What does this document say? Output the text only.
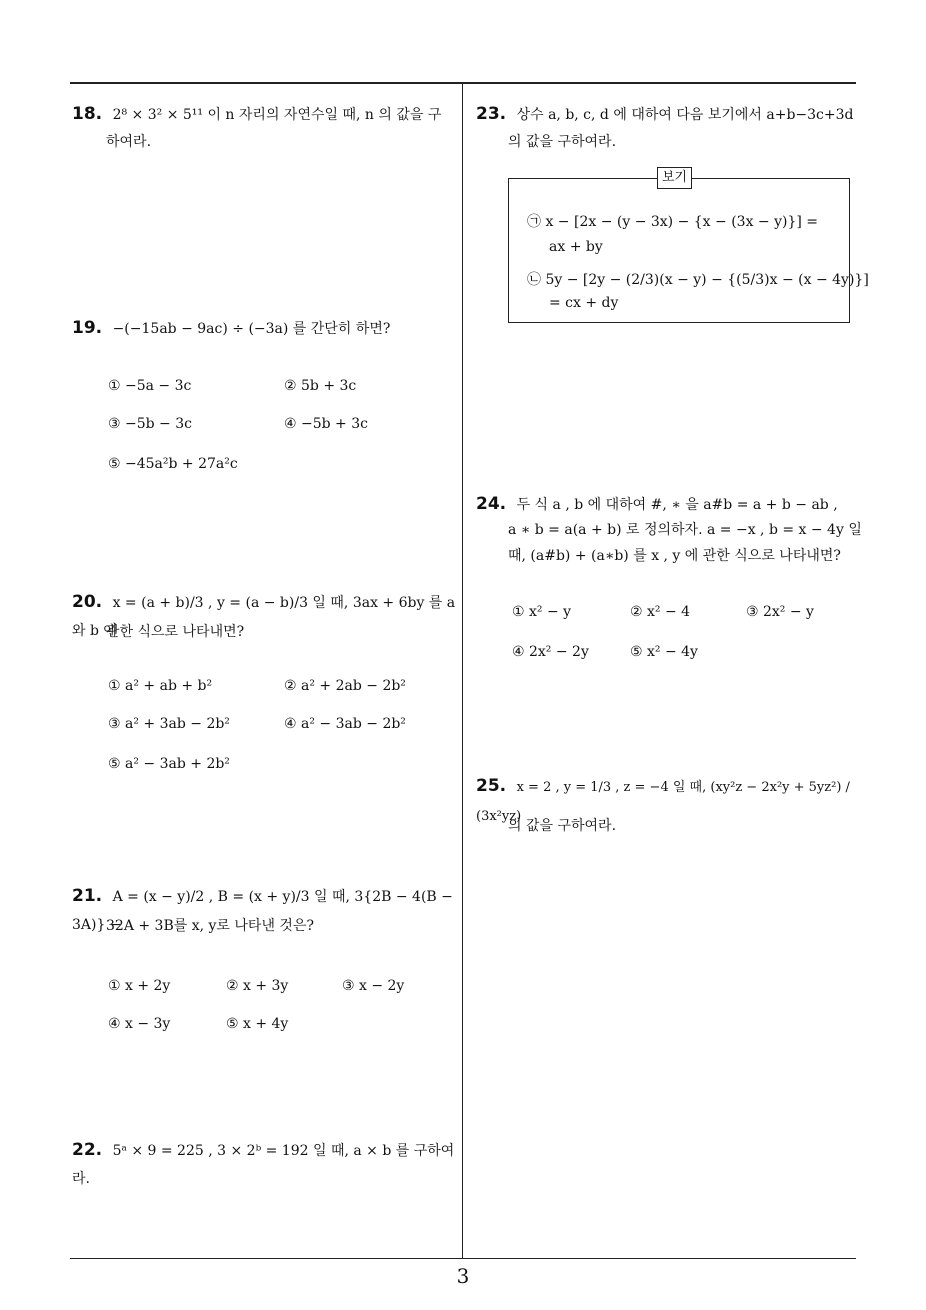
18. 2⁸ × 3² × 5¹¹ 이 n 자리의 자연수일 때, n 의 값을 구
하여라.
19. −(−15ab − 9ac) ÷ (−3a) 를 간단히 하면?
① −5a − 3c	② 5b + 3c
③ −5b − 3c	④ −5b + 3c
⑤ −45a²b + 27a²c
20. x = (a + b)/3 , y = (a − b)/3 일 때, 3ax + 6by 를 a 와 b 에
관한 식으로 나타내면?
① a² + ab + b²	② a² + 2ab − 2b²
③ a² + 3ab − 2b²	④ a² − 3ab − 2b²
⑤ a² − 3ab + 2b²
21. A = (x − y)/2 , B = (x + y)/3 일 때, 3{2B − 4(B − 3A)} −
32A + 3B를 x, y로 나타낸 것은?
① x + 2y	② x + 3y	③ x − 2y
④ x − 3y	⑤ x + 4y
22. 5ᵃ × 9 = 225 , 3 × 2ᵇ = 192 일 때, a × b 를 구하여라.
23. 상수 a, b, c, d 에 대하여 다음 보기에서 a+b−3c+3d
의 값을 구하여라.
보기
㉠ x − [2x − (y − 3x) − {x − (3x − y)}] =
ax + by
㉡ 5y − [2y − (2/3)(x − y) − {(5/3)x − (x − 4y)}]
= cx + dy
24. 두 식 a , b 에 대하여 #, ∗ 을 a#b = a + b − ab ,
a ∗ b = a(a + b) 로 정의하자. a = −x , b = x − 4y 일
때, (a#b) + (a∗b) 를 x , y 에 관한 식으로 나타내면?
① x² − y	② x² − 4	③ 2x² − y
④ 2x² − 2y	⑤ x² − 4y
25. x = 2 , y = 1/3 , z = −4 일 때, (xy²z − 2x²y + 5yz²) / (3x²yz)
의 값을 구하여라.
3
